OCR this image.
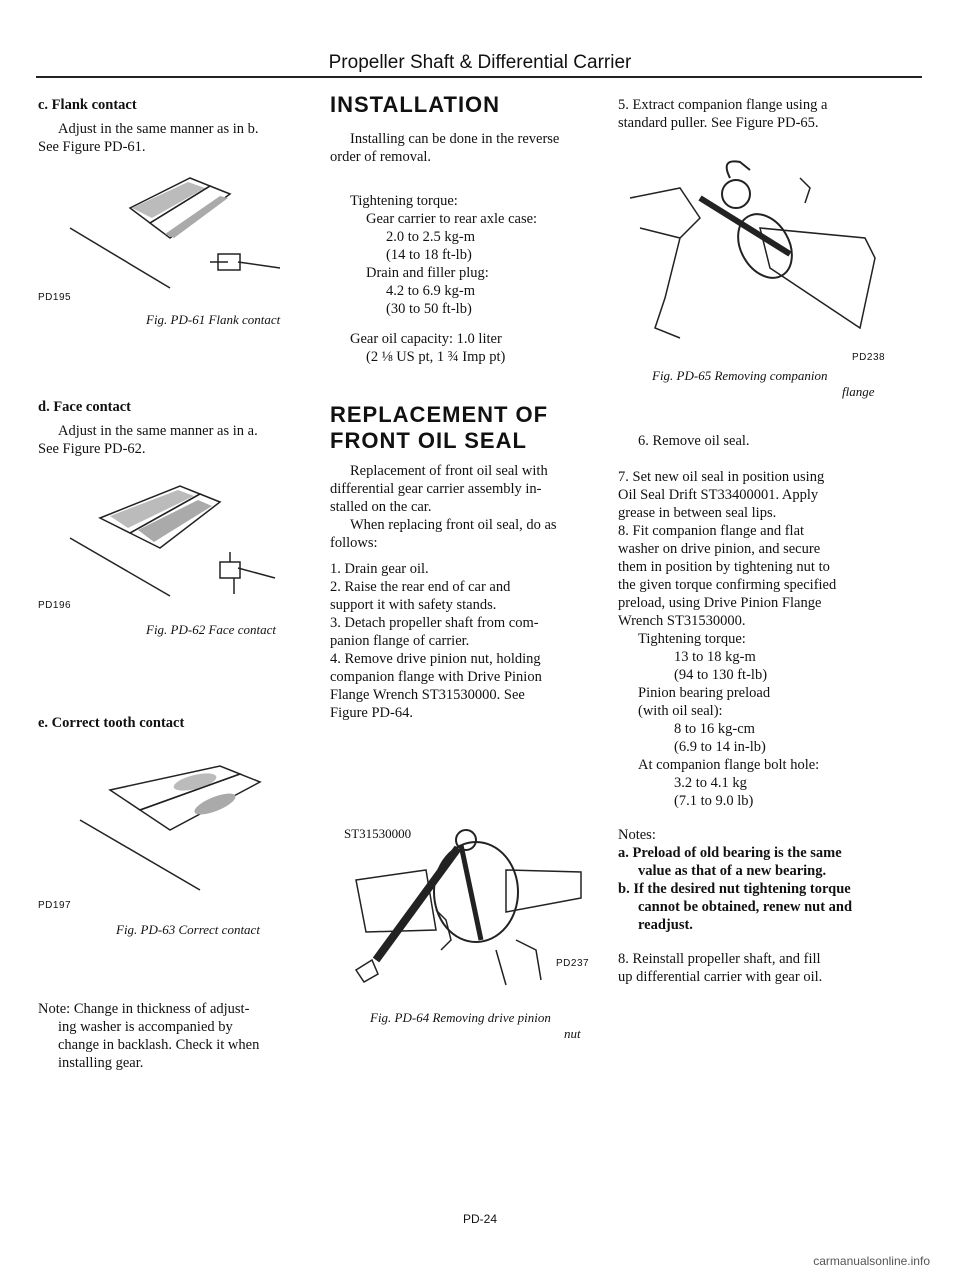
Propeller Shaft & Differential Carrier

c. Flank contact

Adjust in the same manner as in b.

See Figure PD-61.

PD195
Fig. PD-61 Flank contact

d. Face contact

Adjust in the same manner as in a.

See Figure PD-62.

PD196
Fig. PD-62 Face contact

e. Correct tooth contact

PD197
Fig. PD-63 Correct contact

Note: Change in thickness of adjust-

ing washer is accompanied by

change in backlash. Check it when

installing gear.

INSTALLATION

Installing can be done in the reverse

order of removal.

Tightening torque:

Gear carrier to rear axle case:

2.0 to 2.5 kg-m

(14 to 18 ft-lb)

Drain and filler plug:

4.2 to 6.9 kg-m

(30 to 50 ft-lb)

Gear oil capacity: 1.0 liter

(2 ⅛ US pt, 1 ¾ Imp pt)

REPLACEMENT OF
FRONT OIL SEAL

Replacement of front oil seal with

differential gear carrier assembly in-

stalled on the car.

When replacing front oil seal, do as

follows:

1. Drain gear oil.

2. Raise the rear end of car and

support it with safety stands.

3. Detach propeller shaft from com-

panion flange of carrier.

4. Remove drive pinion nut, holding

companion flange with Drive Pinion

Flange Wrench ST31530000. See

Figure PD-64.

ST31530000
PD237
Fig. PD-64 Removing drive pinion
nut

5. Extract companion flange using a

standard puller. See Figure PD-65.

PD238
Fig. PD-65 Removing companion
flange

6. Remove oil seal.

7. Set new oil seal in position using

Oil Seal Drift ST33400001. Apply

grease in between seal lips.

8. Fit companion flange and flat

washer on drive pinion, and secure

them in position by tightening nut to

the given torque confirming specified

preload, using Drive Pinion Flange

Wrench ST31530000.

Tightening torque:

13 to 18 kg-m

(94 to 130 ft-lb)

Pinion bearing preload

(with oil seal):

8 to 16 kg-cm

(6.9 to 14 in-lb)

At companion flange bolt hole:

3.2 to 4.1 kg

(7.1 to 9.0 lb)

Notes:

a. Preload of old bearing is the same

value as that of a new bearing.

b. If the desired nut tightening torque

cannot be obtained, renew nut and

readjust.

8. Reinstall propeller shaft, and fill

up differential carrier with gear oil.

PD-24
carmanualsonline.info
